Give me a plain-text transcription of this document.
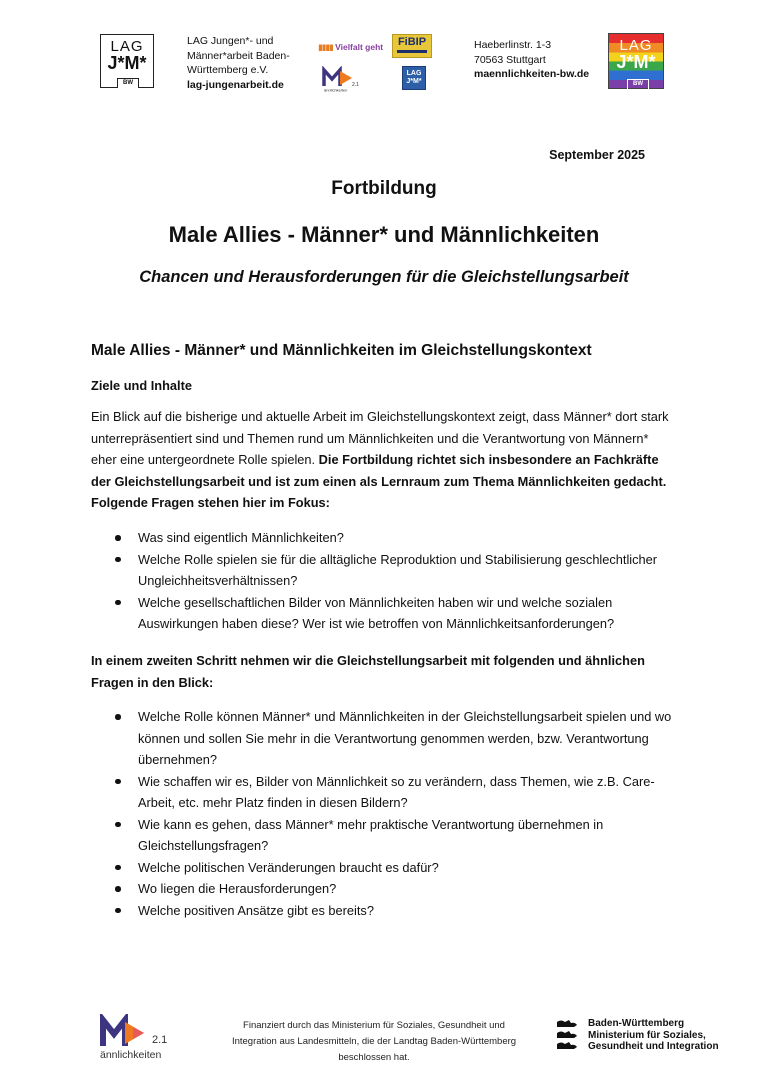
LAG
J*M*
BW
LAG Jungen*- und
Männer*arbeit Baden-
Württemberg e.V.
lag-jungenarbeit.de
▮▮▮▮ Vielfalt geht	FiBIP
2.1
ännlichkeiten
LAG
J*M*
Haeberlinstr. 1-3
70563 Stuttgart
maennlichkeiten-bw.de
LAG
J*M*
BW
September 2025
Fortbildung
Male Allies - Männer* und Männlichkeiten
Chancen und Herausforderungen für die Gleichstellungsarbeit
Male Allies - Männer* und Männlichkeiten im Gleichstellungskontext
Ziele und Inhalte
Ein Blick auf die bisherige und aktuelle Arbeit im Gleichstellungskontext zeigt, dass Männer* dort stark unterrepräsentiert sind und Themen rund um Männlichkeiten und die Verantwortung von Männern* eher eine untergeordnete Rolle spielen. Die Fortbildung richtet sich insbesondere an Fachkräfte der Gleichstellungsarbeit und ist zum einen als Lernraum zum Thema Männlichkeiten gedacht. Folgende Fragen stehen hier im Fokus:
Was sind eigentlich Männlichkeiten?
Welche Rolle spielen sie für die alltägliche Reproduktion und Stabilisierung geschlechtlicher Ungleichheitsverhältnissen?
Welche gesellschaftlichen Bilder von Männlichkeiten haben wir und welche sozialen Auswirkungen haben diese? Wer ist wie betroffen von Männlichkeitsanforderungen?
In einem zweiten Schritt nehmen wir die Gleichstellungsarbeit mit folgenden und ähnlichen Fragen in den Blick:
Welche Rolle können Männer* und Männlichkeiten in der Gleichstellungsarbeit spielen und wo können und sollen Sie mehr in die Verantwortung genommen werden, bzw. Verantwortung übernehmen?
Wie schaffen wir es, Bilder von Männlichkeit so zu verändern, dass Themen, wie z.B. Care-Arbeit, etc. mehr Platz finden in diesen Bildern?
Wie kann es gehen, dass Männer* mehr praktische Verantwortung übernehmen in Gleichstellungsfragen?
Welche politischen Veränderungen braucht es dafür?
Wo liegen die Herausforderungen?
Welche positiven Ansätze gibt es bereits?
2.1
ännlichkeiten
Finanziert durch das Ministerium für Soziales, Gesundheit und
Integration aus Landesmitteln, die der Landtag Baden-Württemberg
beschlossen hat.
Baden-Württemberg
Ministerium für Soziales,
Gesundheit und Integration
